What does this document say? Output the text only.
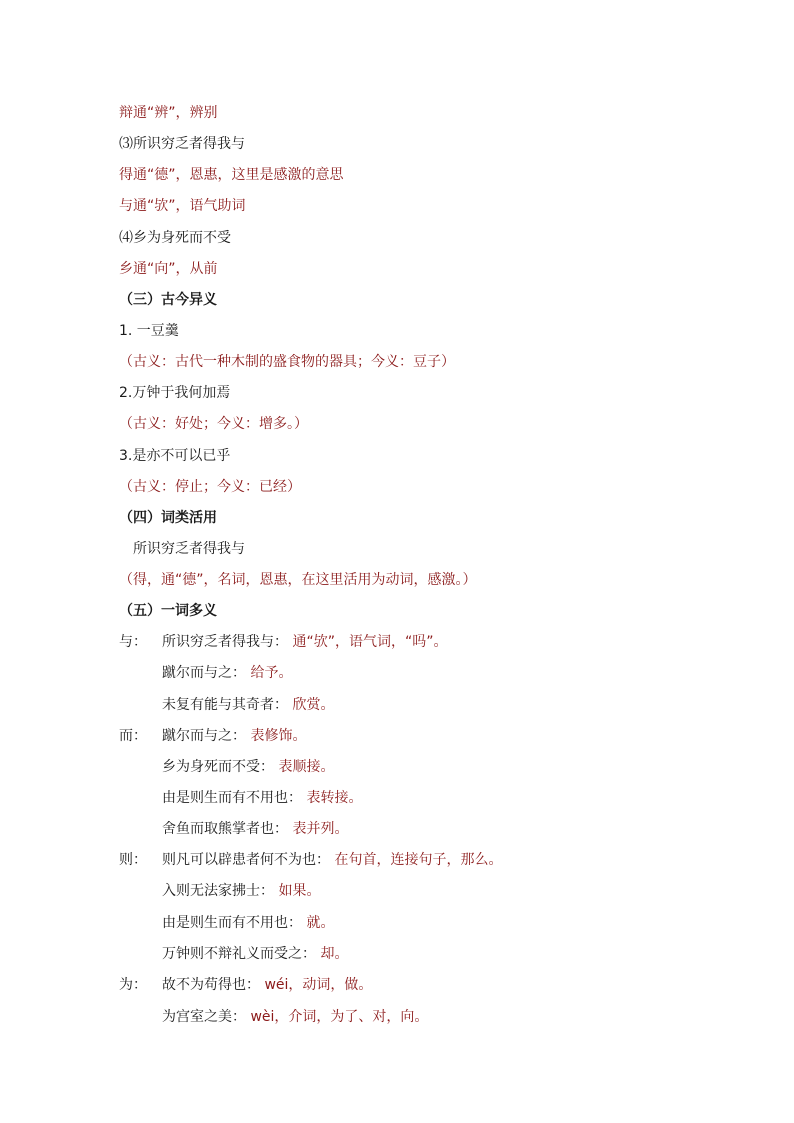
辩通“辨”，辨别
⑶所识穷乏者得我与
得通“德”，恩惠，这里是感激的意思
与通“欤”，语气助词
⑷乡为身死而不受
乡通“向”，从前
（三）古今异义
1. 一豆羹
（古义：古代一种木制的盛食物的器具；今义：豆子）
2.万钟于我何加焉
（古义：好处；今义：增多。）
3.是亦不可以已乎
（古义：停止；今义：已经）
（四）词类活用
所识穷乏者得我与
（得，通“德”，名词，恩惠，在这里活用为动词，感激。）
（五）一词多义
与： 所识穷乏者得我与： 通“欤”，语气词，“吗”。
蹴尔而与之： 给予。
未复有能与其奇者： 欣赏。
而： 蹴尔而与之： 表修饰。
乡为身死而不受： 表顺接。
由是则生而有不用也： 表转接。
舍鱼而取熊掌者也： 表并列。
则： 则凡可以辟患者何不为也： 在句首，连接句子，那么。
入则无法家拂士： 如果。
由是则生而有不用也： 就。
万钟则不辩礼义而受之： 却。
为： 故不为苟得也： wéi，动词，做。
为宫室之美： wèi，介词，为了、对，向。
